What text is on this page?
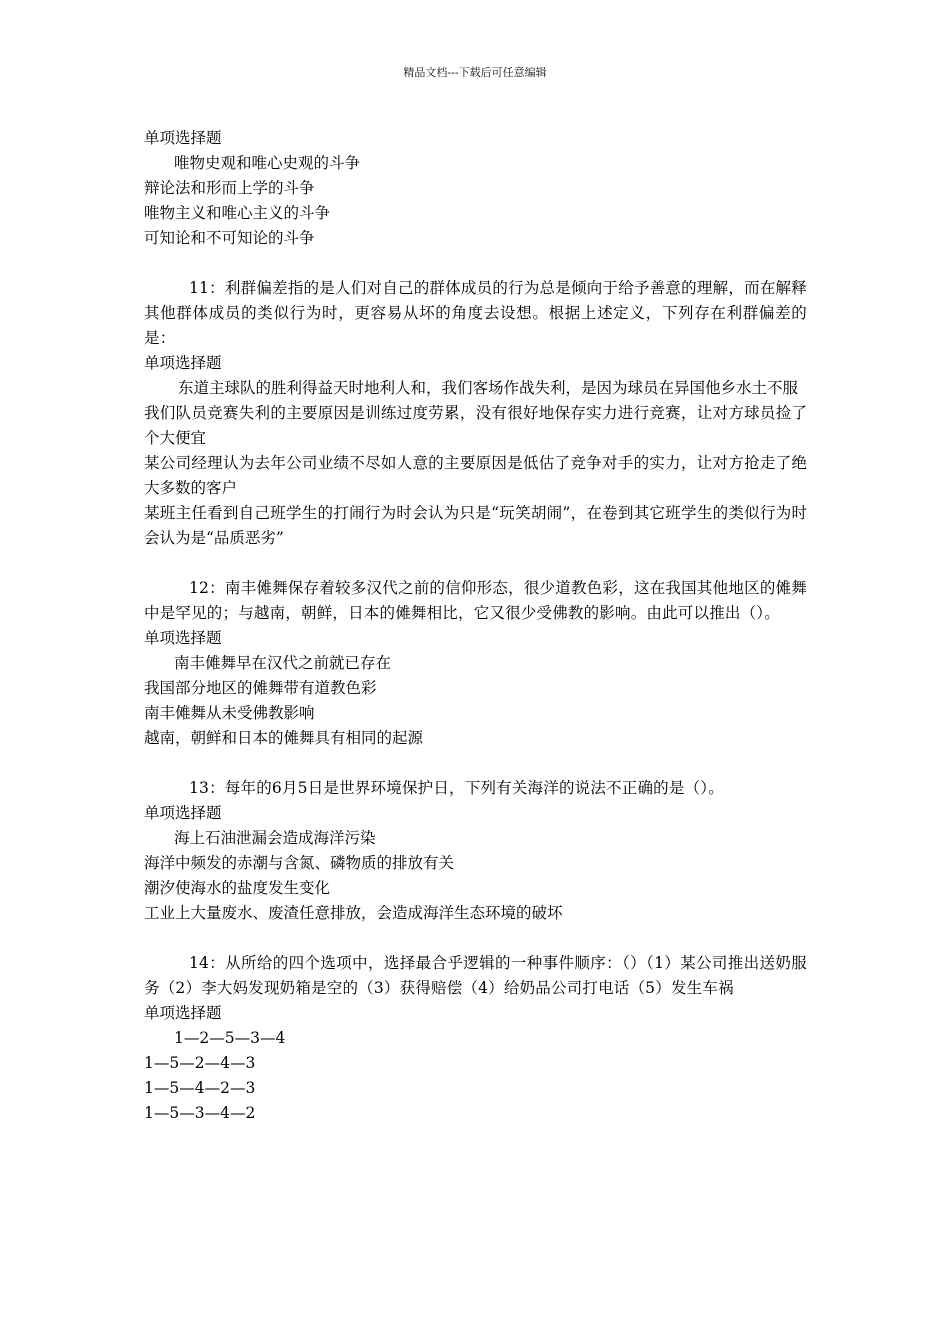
精品文档---下载后可任意编辑

单项选择题

唯物史观和唯心史观的斗争

辩论法和形而上学的斗争

唯物主义和唯心主义的斗争

可知论和不可知论的斗争

11：利群偏差指的是人们对自己的群体成员的行为总是倾向于给予善意的理解，而在解释其他群体成员的类似行为时，更容易从坏的角度去设想。根据上述定义，下列存在利群偏差的是：

单项选择题

东道主球队的胜利得益天时地利人和，我们客场作战失利，是因为球员在异国他乡水土不服

我们队员竞赛失利的主要原因是训练过度劳累，没有很好地保存实力进行竞赛，让对方球员捡了个大便宜

某公司经理认为去年公司业绩不尽如人意的主要原因是低估了竞争对手的实力，让对方抢走了绝大多数的客户

某班主任看到自己班学生的打闹行为时会认为只是“玩笑胡闹”，在卷到其它班学生的类似行为时会认为是“品质恶劣”

12：南丰傩舞保存着较多汉代之前的信仰形态，很少道教色彩，这在我国其他地区的傩舞中是罕见的；与越南，朝鲜，日本的傩舞相比，它又很少受佛教的影响。由此可以推出（）。

单项选择题

南丰傩舞早在汉代之前就已存在

我国部分地区的傩舞带有道教色彩

南丰傩舞从未受佛教影响

越南，朝鲜和日本的傩舞具有相同的起源

13：每年的6月5日是世界环境保护日，下列有关海洋的说法不正确的是（）。

单项选择题

海上石油泄漏会造成海洋污染

海洋中频发的赤潮与含氮、磷物质的排放有关

潮汐使海水的盐度发生变化

工业上大量废水、废渣任意排放，会造成海洋生态环境的破坏

14：从所给的四个选项中，选择最合乎逻辑的一种事件顺序：（）（1）某公司推出送奶服务（2）李大妈发现奶箱是空的（3）获得赔偿（4）给奶品公司打电话（5）发生车祸

单项选择题

1—2—5—3—4

1—5—2—4—3

1—5—4—2—3

1—5—3—4—2
